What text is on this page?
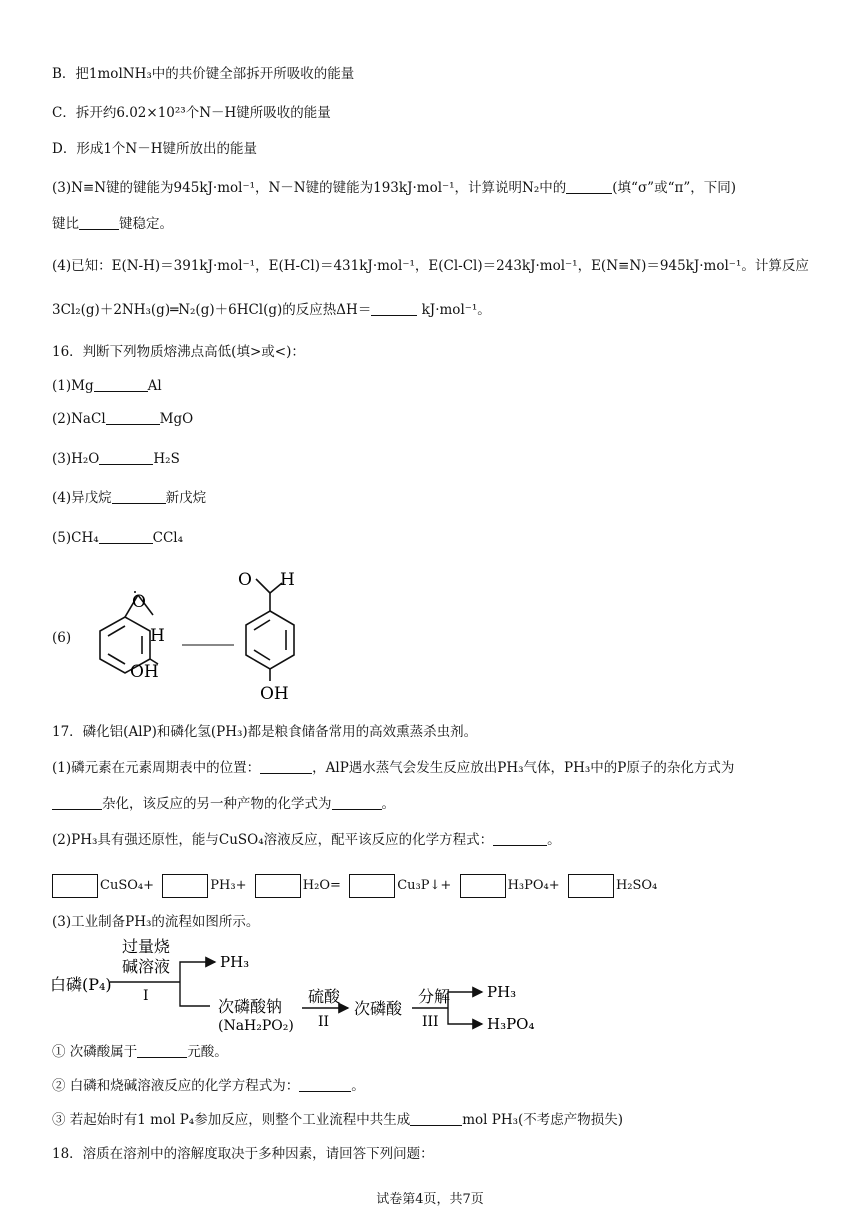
B．把1molNH₃中的共价键全部拆开所吸收的能量
C．拆开约6.02×10²³个N－H键所吸收的能量
D．形成1个N－H键所放出的能量
(3)N≡N键的键能为945kJ·mol⁻¹，N－N键的键能为193kJ·mol⁻¹，计算说明N₂中的	(填“σ”或“π”，下同)
键比	键稳定。
(4)已知：E(N-H)＝391kJ·mol⁻¹，E(H-Cl)＝431kJ·mol⁻¹，E(Cl-Cl)＝243kJ·mol⁻¹，E(N≡N)＝945kJ·mol⁻¹。计算反应
3Cl₂(g)＋2NH₃(g)═N₂(g)＋6HCl(g)的反应热ΔH＝	kJ·mol⁻¹。
16．判断下列物质熔沸点高低(填>或<)：
(1)Mg	Al
(2)NaCl	MgO
(3)H₂O	H₂S
(4)异戊烷	新戊烷
(5)CH₄	CCl₄
(6)
O
H
OH
O H
OH
17．磷化铝(AlP)和磷化氢(PH₃)都是粮食储备常用的高效熏蒸杀虫剂。
(1)磷元素在元素周期表中的位置：	，AlP遇水蒸气会发生反应放出PH₃气体，PH₃中的P原子的杂化方式为
杂化，该反应的另一种产物的化学式为	。
(2)PH₃具有强还原性，能与CuSO₄溶液反应，配平该反应的化学方程式：	。
CuSO₄+	PH₃+	H₂O=	Cu₃P↓+	H₃PO₄+	H₂SO₄
(3)工业制备PH₃的流程如图所示。
白磷(P₄)
过量烧
碱溶液
I
PH₃
次磷酸钠
(NaH₂PO₂)
硫酸
II
次磷酸
分解
III
PH₃
H₃PO₄
① 次磷酸属于	元酸。
② 白磷和烧碱溶液反应的化学方程式为：	。
③ 若起始时有1 mol P₄参加反应，则整个工业流程中共生成	mol PH₃(不考虑产物损失)
18．溶质在溶剂中的溶解度取决于多种因素，请回答下列问题：
试卷第4页，共7页
